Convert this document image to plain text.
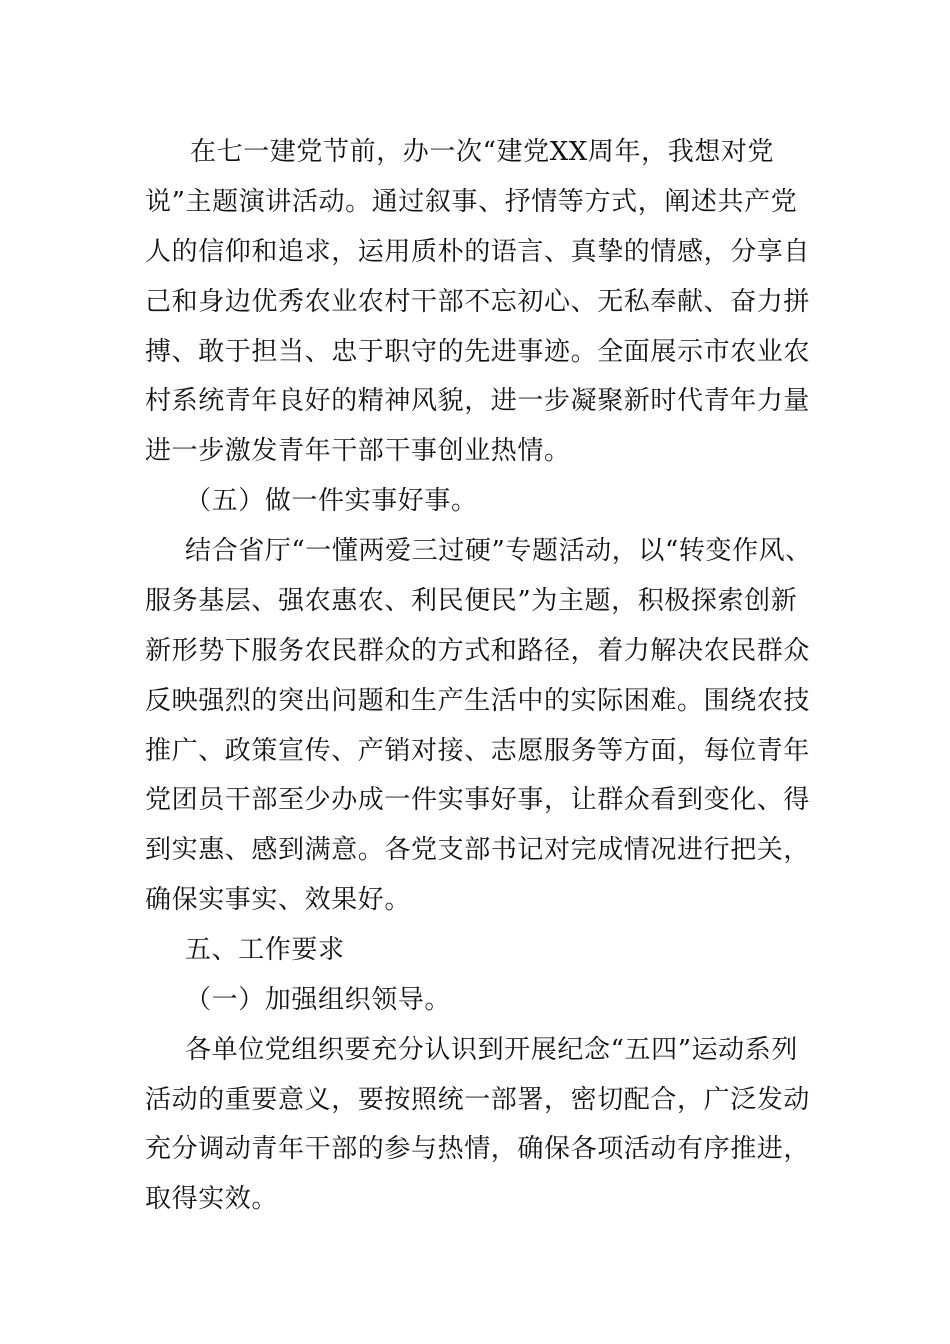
在七一建党节前，办一次“建党XX周年，我想对党
说”主题演讲活动。通过叙事、抒情等方式，阐述共产党
人的信仰和追求，运用质朴的语言、真挚的情感，分享自
己和身边优秀农业农村干部不忘初心、无私奉献、奋力拼
搏、敢于担当、忠于职守的先进事迹。全面展示市农业农
村系统青年良好的精神风貌，进一步凝聚新时代青年力量
进一步激发青年干部干事创业热情。
（五）做一件实事好事。
结合省厅“一懂两爱三过硬”专题活动，以“转变作风、
服务基层、强农惠农、利民便民”为主题，积极探索创新
新形势下服务农民群众的方式和路径，着力解决农民群众
反映强烈的突出问题和生产生活中的实际困难。围绕农技
推广、政策宣传、产销对接、志愿服务等方面，每位青年
党团员干部至少办成一件实事好事，让群众看到变化、得
到实惠、感到满意。各党支部书记对完成情况进行把关，
确保实事实、效果好。
五、工作要求
（一）加强组织领导。
各单位党组织要充分认识到开展纪念“五四”运动系列
活动的重要意义，要按照统一部署，密切配合，广泛发动
充分调动青年干部的参与热情，确保各项活动有序推进，
取得实效。
